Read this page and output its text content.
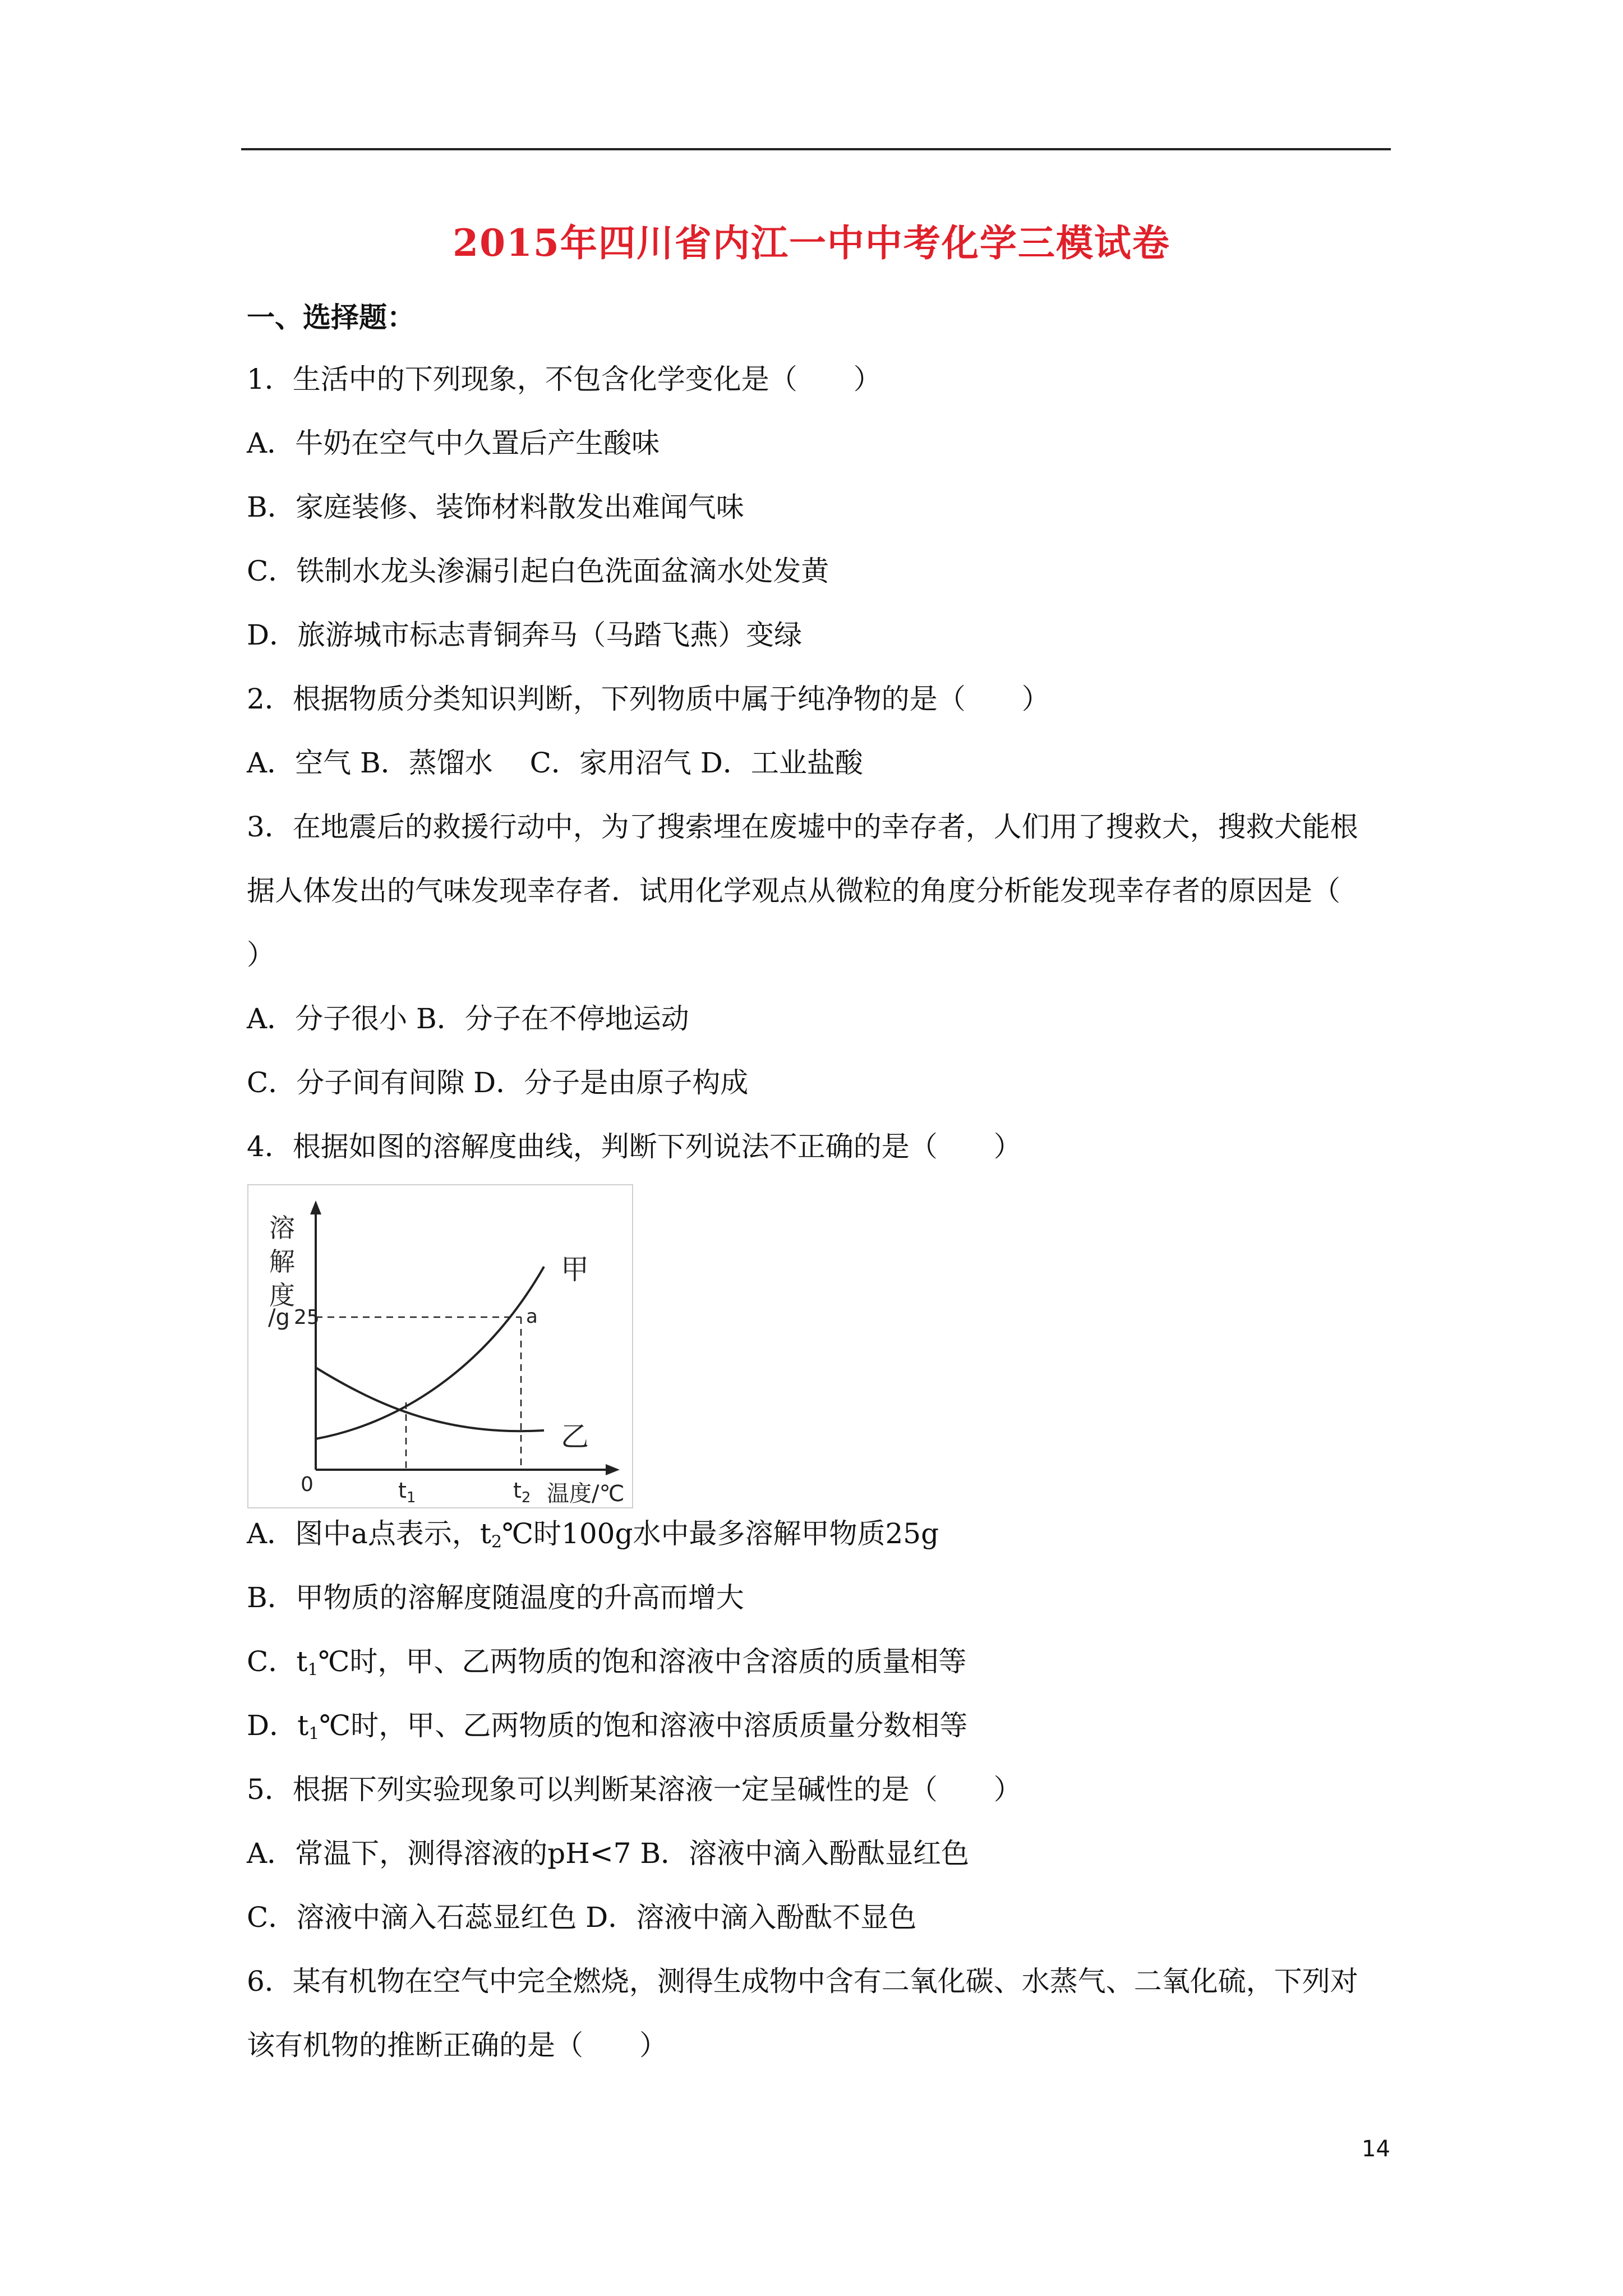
2015年四川省内江一中中考化学三模试卷
一、选择题：
1．生活中的下列现象，不包含化学变化是（　　）
A．牛奶在空气中久置后产生酸味
B．家庭装修、装饰材料散发出难闻气味
C．铁制水龙头渗漏引起白色洗面盆滴水处发黄
D．旅游城市标志青铜奔马（马踏飞燕）变绿
2．根据物质分类知识判断，下列物质中属于纯净物的是（　　）
A．空气 B．蒸馏水　 C．家用沼气 D．工业盐酸
3．在地震后的救援行动中，为了搜索埋在废墟中的幸存者，人们用了搜救犬，搜救犬能根
据人体发出的气味发现幸存者．试用化学观点从微粒的角度分析能发现幸存者的原因是（
）
A．分子很小 B．分子在不停地运动
C．分子间有间隙 D．分子是由原子构成
4．根据如图的溶解度曲线，判断下列说法不正确的是（　　）
溶
解
度
/g 25
0	$t_1$	$t_2$ 温度/℃
a
甲
乙
A．图中a点表示，$t_2℃$时100g水中最多溶解甲物质25g
B．甲物质的溶解度随温度的升高而增大
C．$t_1℃$时，甲、乙两物质的饱和溶液中含溶质的质量相等
D．$t_1℃$时，甲、乙两物质的饱和溶液中溶质质量分数相等
5．根据下列实验现象可以判断某溶液一定呈碱性的是（　　）
A．常温下，测得溶液的pH<7 B．溶液中滴入酚酞显红色
C．溶液中滴入石蕊显红色 D．溶液中滴入酚酞不显色
6．某有机物在空气中完全燃烧，测得生成物中含有二氧化碳、水蒸气、二氧化硫，下列对
该有机物的推断正确的是（　　）
14
